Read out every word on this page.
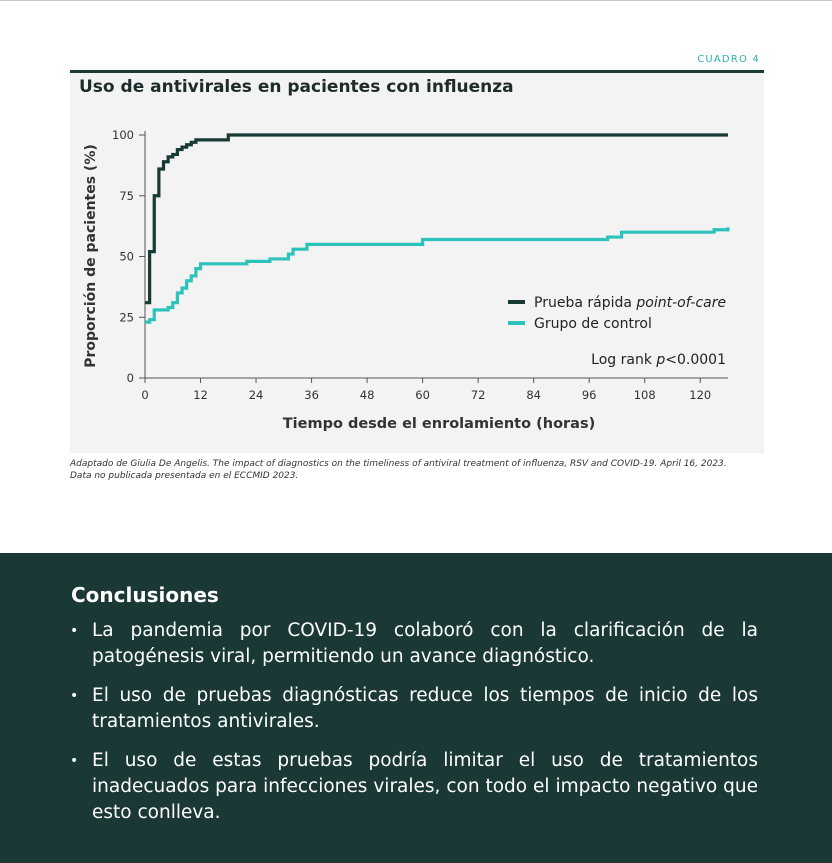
CUADRO 4
Uso de antivirales en pacientes con influenza
0
25
50
75
100
0	12	24	36	48	60	72	84	96	108	120
Prueba rápida point-of-care
Grupo de control
Log rank p<0.0001
Tiempo desde el enrolamiento (horas)
Proporción de pacientes (%)
Adaptado de Giulia De Angelis. The impact of diagnostics on the timeliness of antiviral treatment of influenza, RSV and COVID-19. April 16, 2023.
Data no publicada presentada en el ECCMID 2023.
Conclusiones
• La pandemia por COVID-19 colaboró con la clarificación de la patogénesis viral, permitiendo un avance diagnóstico.
• El uso de pruebas diagnósticas reduce los tiempos de inicio de los tratamientos antivirales.
• El uso de estas pruebas podría limitar el uso de tratamientos inadecuados para infecciones virales, con todo el impacto negativo que esto conlleva.
